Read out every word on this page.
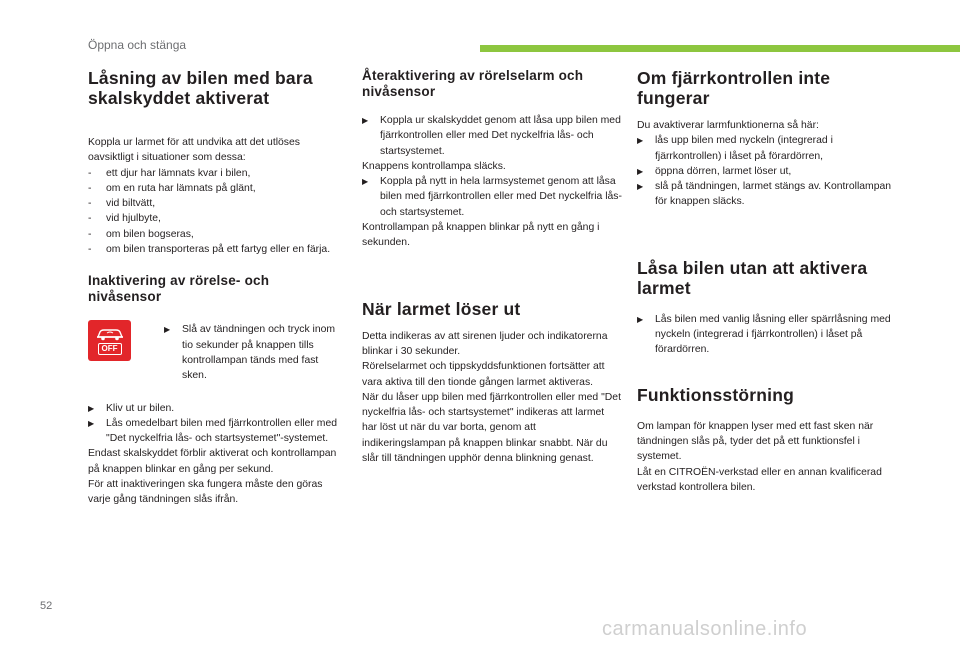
Öppna och stänga
Låsning av bilen med bara skalskyddet aktiverat

Koppla ur larmet för att undvika att det utlöses oavsiktligt i situationer som dessa:

-	ett djur har lämnats kvar i bilen,
-	om en ruta har lämnats på glänt,
-	vid biltvätt,
-	vid hjulbyte,
-	om bilen bogseras,
-	om bilen transporteras på ett fartyg eller en färja.
Inaktivering av rörelse- och nivåsensor
OFF
▶	Slå av tändningen och tryck inom tio sekunder på knappen tills kontrollampan tänds med fast sken.
▶	Kliv ut ur bilen.
▶	Lås omedelbart bilen med fjärrkontrollen eller med "Det nyckelfria lås- och startsystemet"-systemet.

Endast skalskyddet förblir aktiverat och kontrollampan på knappen blinkar en gång per sekund.

För att inaktiveringen ska fungera måste den göras varje gång tändningen slås ifrån.

Återaktivering av rörelselarm och nivåsensor
▶	Koppla ur skalskyddet genom att låsa upp bilen med fjärrkontrollen eller med Det nyckelfria lås- och startsystemet.

Knappens kontrollampa släcks.

▶	Koppla på nytt in hela larmsystemet genom att låsa bilen med fjärrkontrollen eller med Det nyckelfria lås- och startsystemet.

Kontrollampan på knappen blinkar på nytt en gång i sekunden.

När larmet löser ut

Detta indikeras av att sirenen ljuder och indikatorerna blinkar i 30 sekunder.

Rörelselarmet och tippskyddsfunktionen fortsätter att vara aktiva till den tionde gången larmet aktiveras.

När du låser upp bilen med fjärrkontrollen eller med "Det nyckelfria lås- och startsystemet" indikeras att larmet har löst ut när du var borta, genom att indikeringslampan på knappen blinkar snabbt. När du slår till tändningen upphör denna blinkning genast.

Om fjärrkontrollen inte fungerar

Du avaktiverar larmfunktionerna så här:

▶	lås upp bilen med nyckeln (integrerad i fjärrkontrollen) i låset på förardörren,
▶	öppna dörren, larmet löser ut,
▶	slå på tändningen, larmet stängs av. Kontrollampan för knappen släcks.
Låsa bilen utan att aktivera larmet
▶	Lås bilen med vanlig låsning eller spärrlåsning med nyckeln (integrerad i fjärrkontrollen) i låset på förardörren.
Funktionsstörning

Om lampan för knappen lyser med ett fast sken när tändningen slås på, tyder det på ett funktionsfel i systemet.

Låt en CITROËN-verkstad eller en annan kvalificerad verkstad kontrollera bilen.

52
carmanualsonline.info
